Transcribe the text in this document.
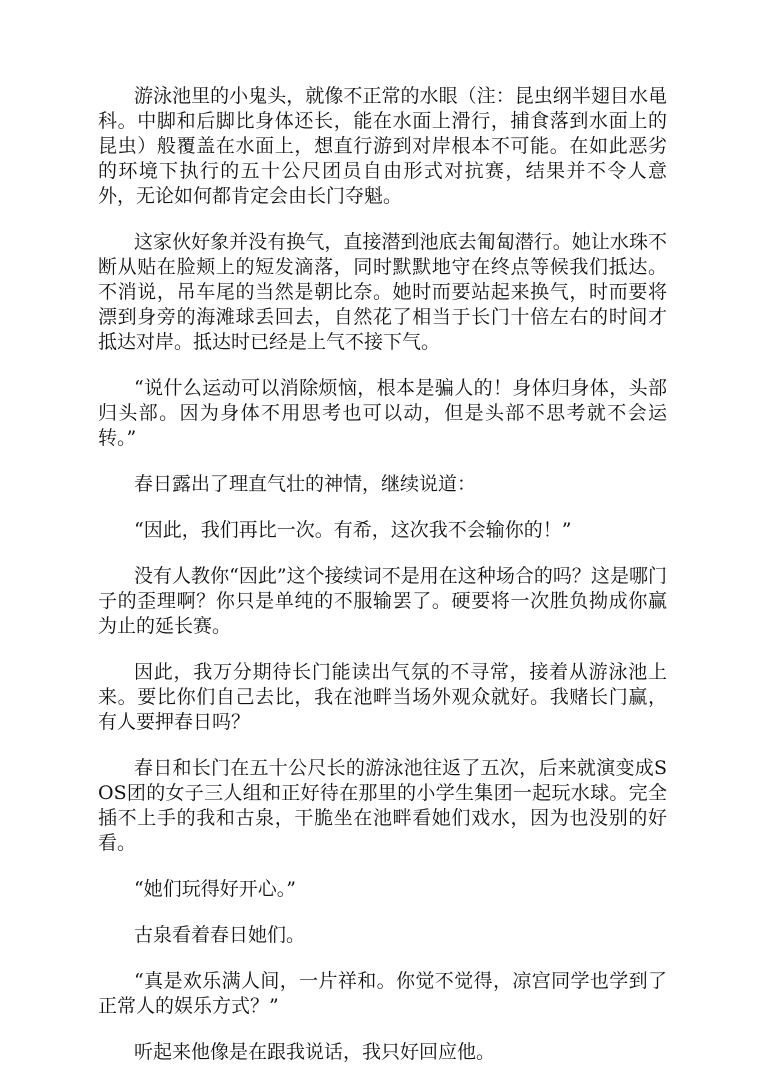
游泳池里的小鬼头，就像不正常的水眼（注：昆虫纲半翅目水黾科。中脚和后脚比身体还长，能在水面上滑行，捕食落到水面上的昆虫）般覆盖在水面上，想直行游到对岸根本不可能。在如此恶劣的环境下执行的五十公尺团员自由形式对抗赛，结果并不令人意外，无论如何都肯定会由长门夺魁。

这家伙好象并没有换气，直接潜到池底去匍匐潜行。她让水珠不断从贴在脸颊上的短发滴落，同时默默地守在终点等候我们抵达。不消说，吊车尾的当然是朝比奈。她时而要站起来换气，时而要将漂到身旁的海滩球丢回去，自然花了相当于长门十倍左右的时间才抵达对岸。抵达时已经是上气不接下气。

“说什么运动可以消除烦恼，根本是骗人的！身体归身体，头部归头部。因为身体不用思考也可以动，但是头部不思考就不会运转。”

春日露出了理直气壮的神情，继续说道：

“因此，我们再比一次。有希，这次我不会输你的！”

没有人教你“因此”这个接续词不是用在这种场合的吗？这是哪门子的歪理啊？你只是单纯的不服输罢了。硬要将一次胜负拗成你赢为止的延长赛。

因此，我万分期待长门能读出气氛的不寻常，接着从游泳池上来。要比你们自己去比，我在池畔当场外观众就好。我赌长门赢，有人要押春日吗？

春日和长门在五十公尺长的游泳池往返了五次，后来就演变成SOS团的女子三人组和正好待在那里的小学生集团一起玩水球。完全插不上手的我和古泉，干脆坐在池畔看她们戏水，因为也没别的好看。

“她们玩得好开心。”

古泉看着春日她们。

“真是欢乐满人间，一片祥和。你觉不觉得，凉宫同学也学到了正常人的娱乐方式？”

听起来他像是在跟我说话，我只好回应他。
